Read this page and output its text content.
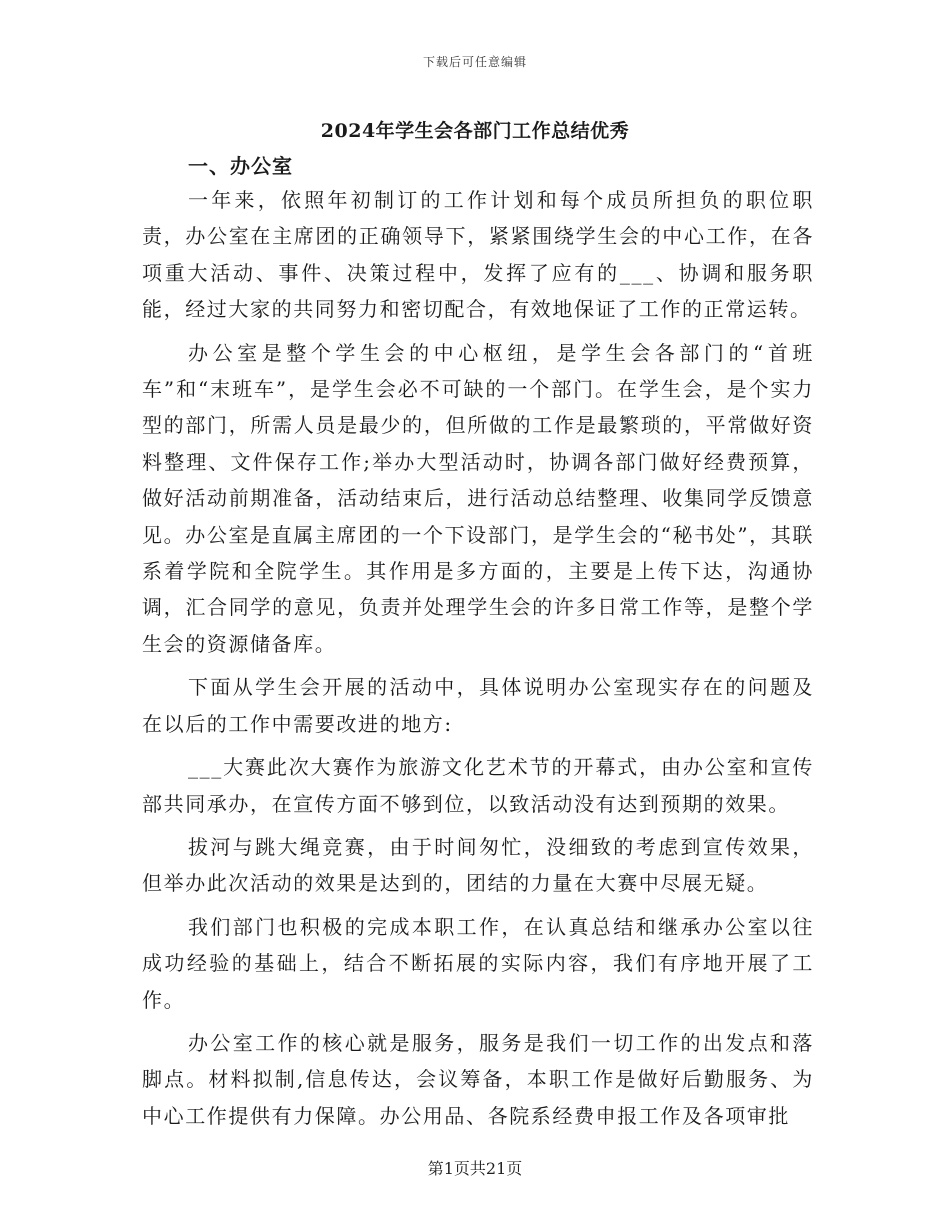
下载后可任意编辑
2024年学生会各部门工作总结优秀
一、办公室

一年来，依照年初制订的工作计划和每个成员所担负的职位职责，办公室在主席团的正确领导下，紧紧围绕学生会的中心工作，在各项重大活动、事件、决策过程中，发挥了应有的___、协调和服务职能，经过大家的共同努力和密切配合，有效地保证了工作的正常运转。

办公室是整个学生会的中心枢纽，是学生会各部门的“首班车”和“末班车”，是学生会必不可缺的一个部门。在学生会，是个实力型的部门，所需人员是最少的，但所做的工作是最繁琐的，平常做好资料整理、文件保存工作;举办大型活动时，协调各部门做好经费预算，做好活动前期准备，活动结束后，进行活动总结整理、收集同学反馈意见。办公室是直属主席团的一个下设部门，是学生会的“秘书处”，其联系着学院和全院学生。其作用是多方面的，主要是上传下达，沟通协调，汇合同学的意见，负责并处理学生会的许多日常工作等，是整个学生会的资源储备库。

下面从学生会开展的活动中，具体说明办公室现实存在的问题及在以后的工作中需要改进的地方:

___大赛此次大赛作为旅游文化艺术节的开幕式，由办公室和宣传部共同承办，在宣传方面不够到位，以致活动没有达到预期的效果。

拔河与跳大绳竞赛，由于时间匆忙，没细致的考虑到宣传效果，但举办此次活动的效果是达到的，团结的力量在大赛中尽展无疑。

我们部门也积极的完成本职工作，在认真总结和继承办公室以往成功经验的基础上，结合不断拓展的实际内容，我们有序地开展了工作。

办公室工作的核心就是服务，服务是我们一切工作的出发点和落脚点。材料拟制,信息传达，会议筹备，本职工作是做好后勤服务、为中心工作提供有力保障。办公用品、各院系经费申报工作及各项审批

第1页共21页
